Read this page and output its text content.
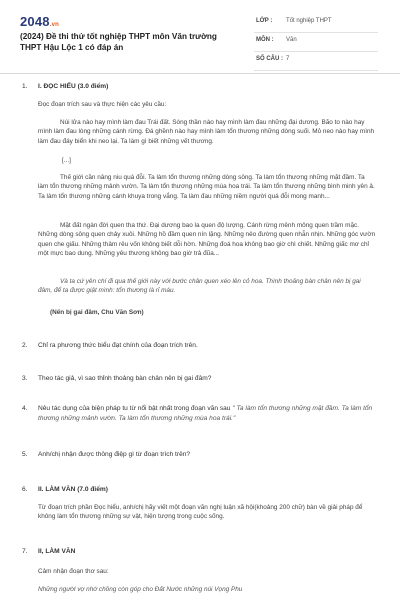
2048.vn
(2024) Đề thi thử tốt nghiệp THPT môn Văn trường THPT Hậu Lộc 1 có đáp án
LỚP : Tốt nghiệp THPT
MÔN : Văn
SỐ CÂU : 7
1. I. ĐỌC HIỂU (3.0 điểm)
Đọc đoạn trích sau và thực hiện các yêu cầu:
Núi lửa nào hay mình làm đau Trái đất. Sóng thần nào hay mình làm đau những đại dương. Bão to nào hay mình làm đau lòng những cánh rừng. Đá ghềnh nào hay mình làm tổn thương những dòng suối. Mỏ neo nào hay mình làm đau đáy biển khi neo lại. Ta làm gì biết những vết thương.
[...]
Thế giới cần nâng niu quá đỗi. Ta làm tổn thương những dòng sông. Ta làm tổn thương những mặt đầm. Ta làm tổn thương những mảnh vườn. Ta làm tổn thương những mùa hoa trái. Ta làm tổn thương những bình minh yên ả. Ta làm tổn thương những cánh khuya trong vắng. Ta làm đau những niềm người quá đỗi mong manh...
Mặt đất ngàn đời quen tha thứ. Đại dương bao la quen độ lượng. Cánh rừng mênh mông quen trầm mặc. Những dòng sông quen chảy xuôi. Những hồ đầm quen nín lặng. Những nẻo đường quen nhẫn nhịn. Những góc vườn quen che giấu. Những thảm rêu vốn không biết dỗi hờn. Những đoá hoa không bao giờ chì chiết. Những giấc mơ chỉ một mực bao dung. Những yêu thương không bao giờ trả đũa...
Và ta cứ yên chí đi qua thế giới này với bước chân quen xéo lên cỏ hoa. Thình thoảng bàn chân nên bị gai đâm, để ta được giật mình: tổn thương là rỉ máu.
(Nến bị gai đâm, Chu Văn Sơn)
2. Chỉ ra phương thức biểu đạt chính của đoạn trích trên.
3. Theo tác giả, vì sao thỉnh thoảng bàn chân nên bị gai đâm?
4. Nêu tác dụng của biện pháp tu từ nổi bật nhất trong đoạn văn sau " Ta làm tổn thương những mặt đầm. Ta làm tổn thương những mảnh vườn. Ta làm tổn thương những mùa hoa trái."
5. Anh/chị nhận được thông điệp gì từ đoạn trích trên?
6. II. LÀM VĂN (7.0 điểm)
Từ đoạn trích phần Đọc hiểu, anh/chị hãy viết một đoạn văn nghị luận xã hội(khoảng 200 chữ) bàn về giải pháp để không làm tổn thương những sự vật, hiện tượng trong cuộc sống.
7. II, LÀM VĂN
Cảm nhận đoạn thơ sau:
Những người vợ nhớ chồng còn góp cho Đất Nước những núi Vọng Phu
